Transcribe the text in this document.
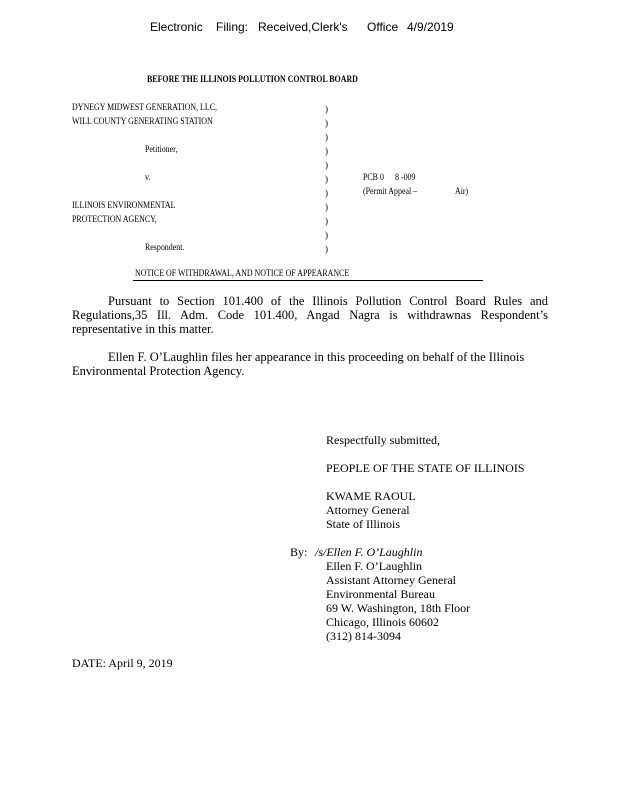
Electronic Filing: Received,Clerk's Office 4/9/2019
BEFORE THE ILLINOIS POLLUTION CONTROL BOARD
DYNEGY MIDWEST GENERATION, LLC,
WILL COUNTY GENERATING STATION
Petitioner,
v.
ILLINOIS ENVIRONMENTAL
PROTECTION AGENCY,
Respondent.
)
)
)
)
)
)
)
)
)
)
)
PCB 0 8 -009
(Permit Appeal –	Air)
NOTICE OF WITHDRAWAL, AND NOTICE OF APPEARANCE
Pursuant to Section 101.400 of the Illinois Pollution Control Board Rules and
Regulations,35 Ill. Adm. Code 101.400, Angad Nagra is withdrawnas Respondent’s
representative in this matter.
Ellen F. O’Laughlin files her appearance in this proceeding on behalf of the Illinois
Environmental Protection Agency.
Respectfully submitted,
PEOPLE OF THE STATE OF ILLINOIS
KWAME RAOUL
Attorney General
State of Illinois
By: /s/Ellen F. O’Laughlin
Ellen F. O’Laughlin
Assistant Attorney General
Environmental Bureau
69 W. Washington, 18th Floor
Chicago, Illinois 60602
(312) 814-3094
DATE: April 9, 2019
